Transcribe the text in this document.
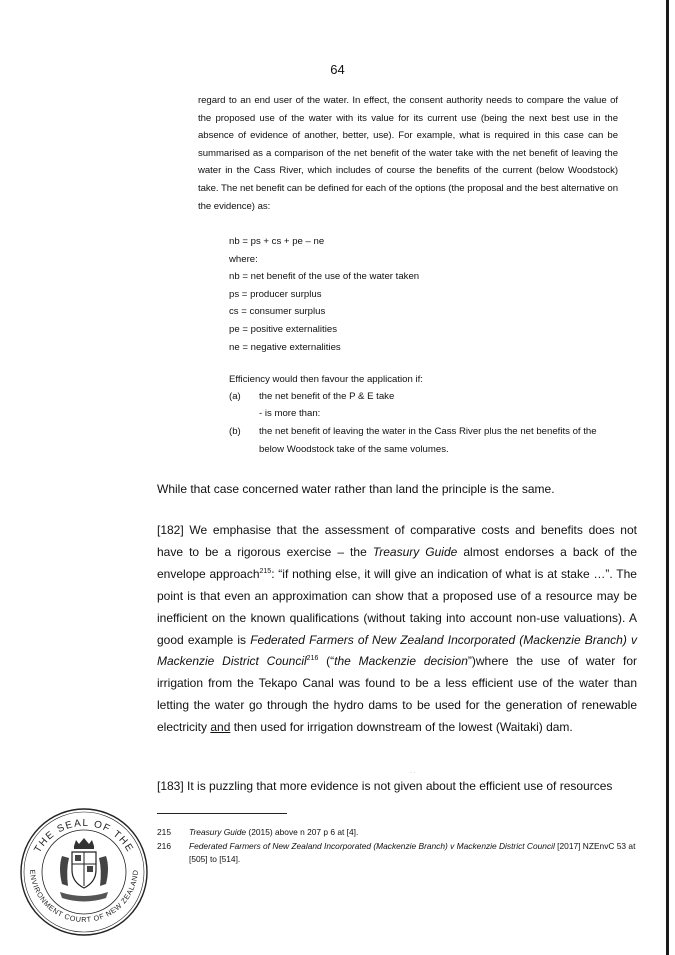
64

regard to an end user of the water. In effect, the consent authority needs to compare the value of the proposed use of the water with its value for its current use (being the next best use in the absence of evidence of another, better, use). For example, what is required in this case can be summarised as a comparison of the net benefit of the water take with the net benefit of leaving the water in the Cass River, which includes of course the benefits of the current (below Woodstock) take. The net benefit can be defined for each of the options (the proposal and the best alternative on the evidence) as:

nb = ps + cs + pe – ne
where:
nb = net benefit of the use of the water taken
ps = producer surplus
cs = consumer surplus
pe = positive externalities
ne = negative externalities
Efficiency would then favour the application if:
(a) the net benefit of the P & E take
- is more than:
(b) the net benefit of leaving the water in the Cass River plus the net benefits of the below Woodstock take of the same volumes.

While that case concerned water rather than land the principle is the same.

[182] We emphasise that the assessment of comparative costs and benefits does not have to be a rigorous exercise – the Treasury Guide almost endorses a back of the envelope approach$^{215}$: “if nothing else, it will give an indication of what is at stake …”. The point is that even an approximation can show that a proposed use of a resource may be inefficient on the known qualifications (without taking into account non-use valuations). A good example is Federated Farmers of New Zealand Incorporated (Mackenzie Branch) v Mackenzie District Council$^{216}$ (“the Mackenzie decision”)where the use of water for irrigation from the Tekapo Canal was found to be a less efficient use of the water than letting the water go through the hydro dams to be used for the generation of renewable electricity and then used for irrigation downstream of the lowest (Waitaki) dam.

· ·

[183] It is puzzling that more evidence is not given about the efficient use of resources

215 Treasury Guide (2015) above n 207 p 6 at [4].
216 Federated Farmers of New Zealand Incorporated (Mackenzie Branch) v Mackenzie District Council [2017] NZEnvC 53 at [505] to [514].
THE SEAL OF THE
ENVIRONMENT COURT OF NEW ZEALAND
